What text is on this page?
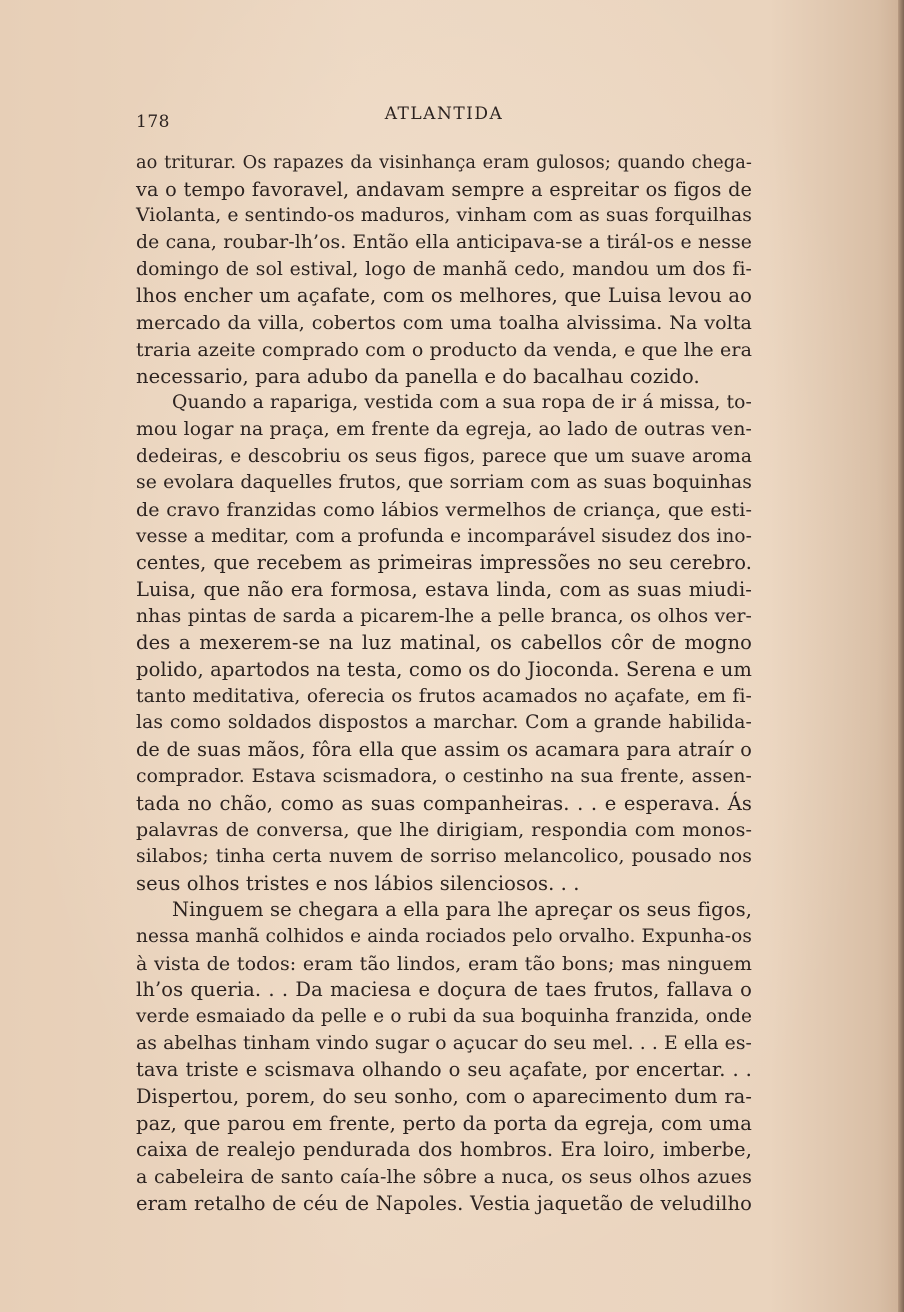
178	ATLANTIDA
ao triturar. Os rapazes da visinhança eram gulosos; quando chega-
va o tempo favoravel, andavam sempre a espreitar os figos de
Violanta, e sentindo-os maduros, vinham com as suas forquilhas
de cana, roubar-lh’os. Então ella anticipava-se a tirál-os e nesse
domingo de sol estival, logo de manhã cedo, mandou um dos fi-
lhos encher um açafate, com os melhores, que Luisa levou ao
mercado da villa, cobertos com uma toalha alvissima. Na volta
traria azeite comprado com o producto da venda, e que lhe era
necessario, para adubo da panella e do bacalhau cozido.
Quando a rapariga, vestida com a sua ropa de ir á missa, to-
mou logar na praça, em frente da egreja, ao lado de outras ven-
dedeiras, e descobriu os seus figos, parece que um suave aroma
se evolara daquelles frutos, que sorriam com as suas boquinhas
de cravo franzidas como lábios vermelhos de criança, que esti-
vesse a meditar, com a profunda e incomparável sisudez dos ino-
centes, que recebem as primeiras impressões no seu cerebro.
Luisa, que não era formosa, estava linda, com as suas miudi-
nhas pintas de sarda a picarem-lhe a pelle branca, os olhos ver-
des a mexerem-se na luz matinal, os cabellos côr de mogno
polido, apartodos na testa, como os do Jioconda. Serena e um
tanto meditativa, oferecia os frutos acamados no açafate, em fi-
las como soldados dispostos a marchar. Com a grande habilida-
de de suas mãos, fôra ella que assim os acamara para atraír o
comprador. Estava scismadora, o cestinho na sua frente, assen-
tada no chão, como as suas companheiras. . . e esperava. Ás
palavras de conversa, que lhe dirigiam, respondia com monos-
silabos; tinha certa nuvem de sorriso melancolico, pousado nos
seus olhos tristes e nos lábios silenciosos. . .
Ninguem se chegara a ella para lhe apreçar os seus figos,
nessa manhã colhidos e ainda rociados pelo orvalho. Expunha-os
à vista de todos: eram tão lindos, eram tão bons; mas ninguem
lh’os queria. . . Da maciesa e doçura de taes frutos, fallava o
verde esmaiado da pelle e o rubi da sua boquinha franzida, onde
as abelhas tinham vindo sugar o açucar do seu mel. . . E ella es-
tava triste e scismava olhando o seu açafate, por encertar. . .
Dispertou, porem, do seu sonho, com o aparecimento dum ra-
paz, que parou em frente, perto da porta da egreja, com uma
caixa de realejo pendurada dos hombros. Era loiro, imberbe,
a cabeleira de santo caía-lhe sôbre a nuca, os seus olhos azues
eram retalho de céu de Napoles. Vestia jaquetão de veludilho
